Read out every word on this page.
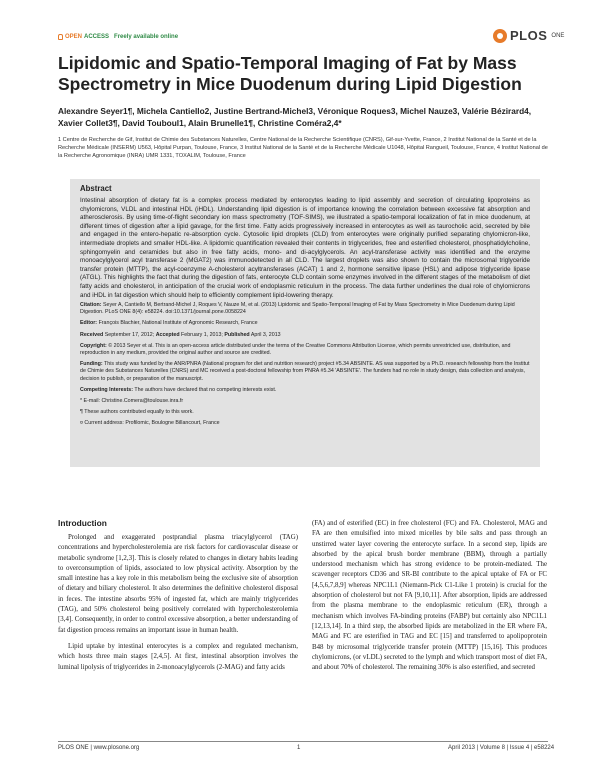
OPEN ACCESS Freely available online	PLOS ONE
Lipidomic and Spatio-Temporal Imaging of Fat by Mass Spectrometry in Mice Duodenum during Lipid Digestion
Alexandre Seyer1¶, Michela Cantiello2, Justine Bertrand-Michel3, Véronique Roques3, Michel Nauze3, Valérie Bézirard4, Xavier Collet3¶, David Touboul1, Alain Brunelle1¶, Christine Coméra2,4*
1 Centre de Recherche de Gif, Institut de Chimie des Substances Naturelles, Centre National de la Recherche Scientifique (CNRS), Gif-sur-Yvette, France, 2 Institut National de la Santé et de la Recherche Médicale (INSERM) U563, Hôpital Purpan, Toulouse, France, 3 Institut National de la Santé et de la Recherche Médicale U1048, Hôpital Rangueil, Toulouse, France, 4 Institut National de la Recherche Agronomique (INRA) UMR 1331, TOXALIM, Toulouse, France
Abstract

Intestinal absorption of dietary fat is a complex process mediated by enterocytes leading to lipid assembly and secretion of circulating lipoproteins as chylomicrons, VLDL and intestinal HDL (iHDL). Understanding lipid digestion is of importance knowing the correlation between excessive fat absorption and atherosclerosis. By using time-of-flight secondary ion mass spectrometry (TOF-SIMS), we illustrated a spatio-temporal localization of fat in mice duodenum, at different times of digestion after a lipid gavage, for the first time. Fatty acids progressively increased in enterocytes as well as taurocholic acid, secreted by bile and engaged in the entero-hepatic re-absorption cycle. Cytosolic lipid droplets (CLD) from enterocytes were originally purified separating chylomicron-like, intermediate droplets and smaller HDL-like. A lipidomic quantification revealed their contents in triglycerides, free and esterified cholesterol, phosphatidylcholine, sphingomyelin and ceramides but also in free fatty acids, mono- and di-acylglycerols. An acyl-transferase activity was identified and the enzyme monoacylglycerol acyl transferase 2 (MGAT2) was immunodetected in all CLD. The largest droplets was also shown to contain the microsomal triglyceride transfer protein (MTTP), the acyl-coenzyme A-cholesterol acyltransferases (ACAT) 1 and 2, hormone sensitive lipase (HSL) and adipose triglyceride lipase (ATGL). This highlights the fact that during the digestion of fats, enterocyte CLD contain some enzymes involved in the different stages of the metabolism of diet fatty acids and cholesterol, in anticipation of the crucial work of endoplasmic reticulum in the process. The data further underlines the dual role of chylomicrons and iHDL in fat digestion which should help to efficiently complement lipid-lowering therapy.

Citation: Seyer A, Cantiello M, Bertrand-Michel J, Roques V, Nauze M, et al. (2013) Lipidomic and Spatio-Temporal Imaging of Fat by Mass Spectrometry in Mice Duodenum during Lipid Digestion. PLoS ONE 8(4): e58224. doi:10.1371/journal.pone.0058224

Editor: François Blachier, National Institute of Agronomic Research, France

Received September 17, 2012; Accepted February 1, 2013; Published April 3, 2013

Copyright: © 2013 Seyer et al. This is an open-access article distributed under the terms of the Creative Commons Attribution License, which permits unrestricted use, distribution, and reproduction in any medium, provided the original author and source are credited.

Funding: This study was funded by the ANR/PNRA (National program for diet and nutrition research) project #5.34 ABSINTE. AS was supported by a Ph.D. research fellowship from the Institut de Chimie des Substances Naturelles (CNRS) and MC received a post-doctoral fellowship from PNRA #5.34 'ABSINTE'. The funders had no role in study design, data collection and analysis, decision to publish, or preparation of the manuscript.

Competing Interests: The authors have declared that no competing interests exist.

* E-mail: Christine.Comera@toulouse.inra.fr

¶ These authors contributed equally to this work.

¤ Current address: Profilomic, Boulogne Billancourt, France

Introduction

Prolonged and exaggerated postprandial plasma triacylglycerol (TAG) concentrations and hypercholesterolemia are risk factors for cardiovascular disease or metabolic syndrome [1,2,3]. This is closely related to changes in dietary habits leading to overconsumption of lipids, associated to low physical activity. Absorption by the small intestine has a key role in this metabolism being the exclusive site of absorption of dietary and biliary cholesterol. It also determines the definitive cholesterol disposal in feces. The intestine absorbs 95% of ingested fat, which are mainly triglycerides (TAG), and 50% cholesterol being positively correlated with hypercholesterolemia [3,4]. Consequently, in order to control excessive absorption, a better understanding of fat digestion process remains an important issue in human health.

Lipid uptake by intestinal enterocytes is a complex and regulated mechanism, which hosts three main stages [2,4,5]. At first, intestinal absorption involves the luminal lipolysis of triglycerides in 2-monoacylglycerols (2-MAG) and fatty acids

(FA) and of esterified (EC) in free cholesterol (FC) and FA. Cholesterol, MAG and FA are then emulsified into mixed micelles by bile salts and pass through an unstirred water layer covering the enterocyte surface. In a second step, lipids are absorbed by the apical brush border membrane (BBM), through a partially understood mechanism which has strong evidence to be protein-mediated. The scavenger receptors CD36 and SR-BI contribute to the apical uptake of FA or FC [4,5,6,7,8,9] whereas NPC1L1 (Niemann-Pick C1-Like 1 protein) is crucial for the absorption of cholesterol but not FA [9,10,11]. After absorption, lipids are addressed from the plasma membrane to the endoplasmic reticulum (ER), through a mechanism which involves FA-binding proteins (FABP) but certainly also NPC1L1 [12,13,14]. In a third step, the absorbed lipids are metabolized in the ER where FA, MAG and FC are esterified in TAG and EC [15] and transferred to apolipoprotein B48 by microsomal triglyceride transfer protein (MTTP) [15,16]. This produces chylomicrons, (or vLDL) secreted to the lymph and which transport most of diet FA, and about 70% of cholesterol. The remaining 30% is also esterified, and secreted

PLOS ONE | www.plosone.org	1	April 2013 | Volume 8 | Issue 4 | e58224
